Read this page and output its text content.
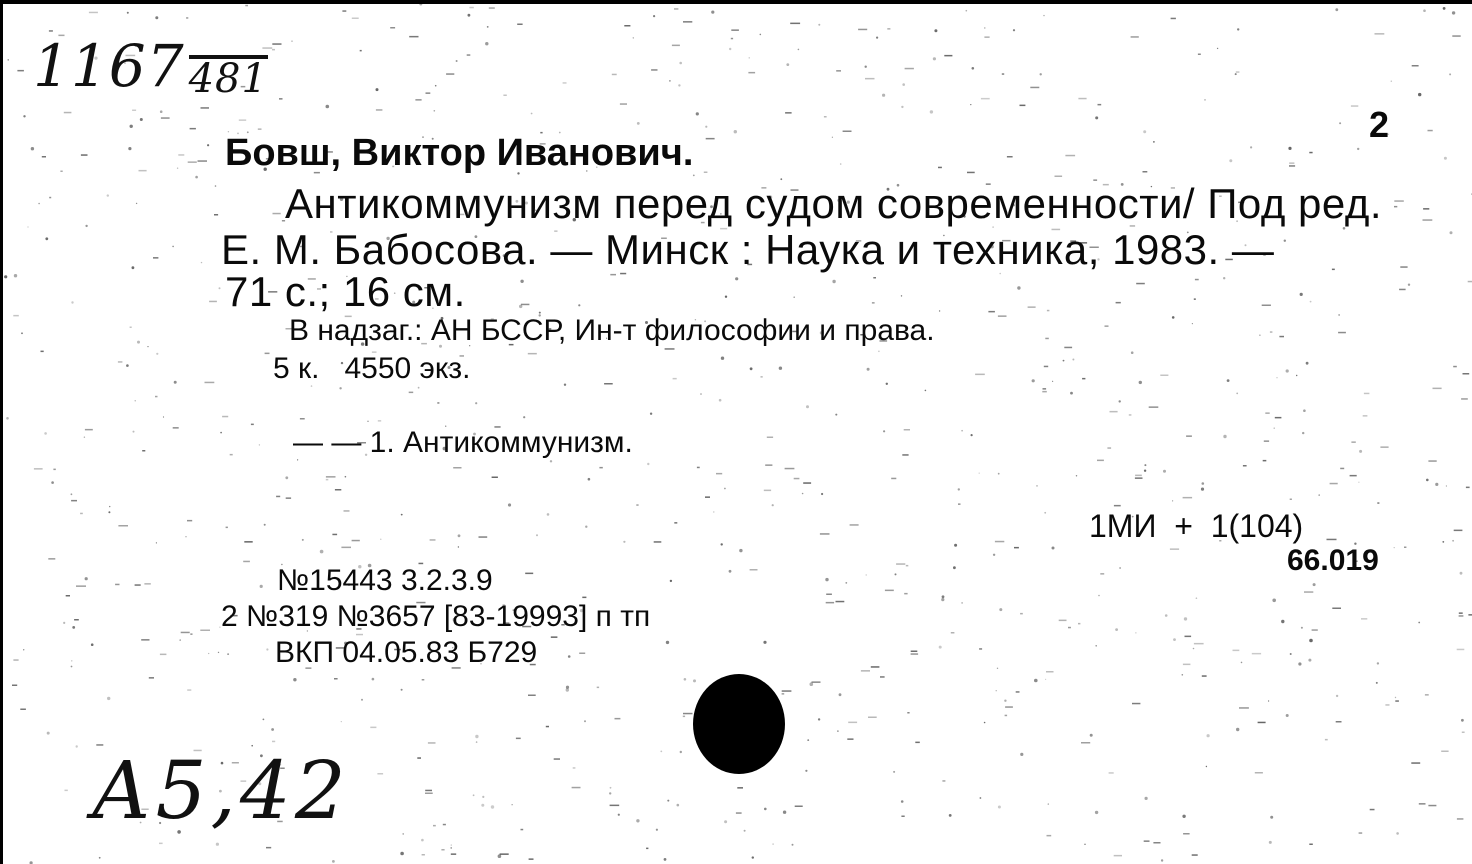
1167 481
2
Бовш, Виктор Иванович.
Антикоммунизм перед судом современности/ Под ред.
Е. М. Бабосова. — Минск : Наука и техника, 1983. —
71 с.; 16 см.
В надзаг.: АН БССР, Ин-т философии и права.
5 к.   4550 экз.
— — 1. Антикоммунизм.
1МИ  +  1(104)
66.019
№15443 3.2.3.9
2 №319 №3657 [83-19993] п тп
ВКП 04.05.83 Б729
А5,42
